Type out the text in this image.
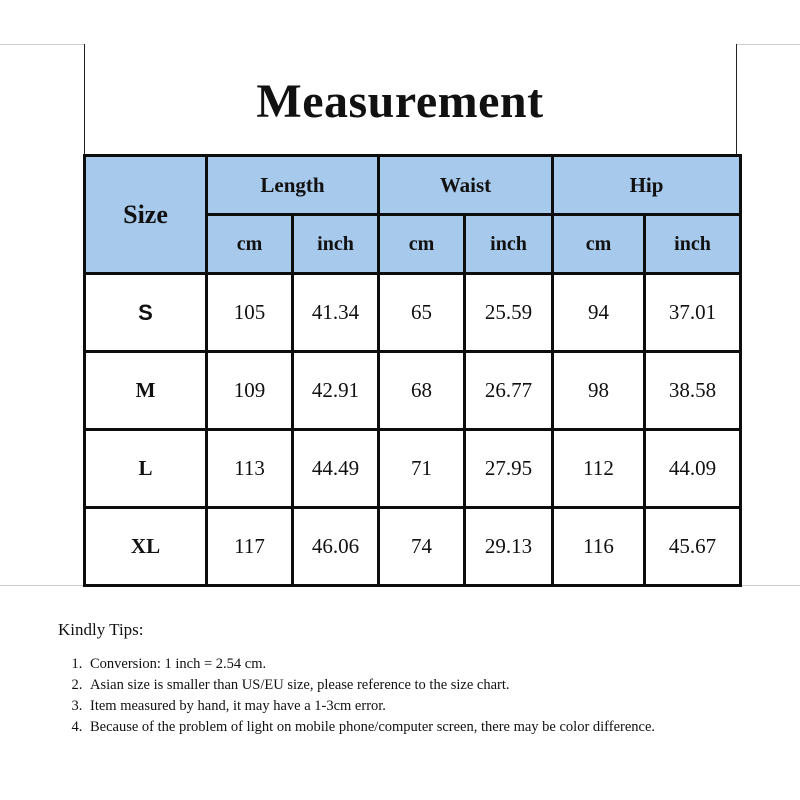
Measurement
Size	Length		Waist		Hip	
	cm	inch	cm	inch	cm	inch
S	105	41.34	65	25.59	94	37.01
M	109	42.91	68	26.77	98	38.58
L	113	44.49	71	27.95	112	44.09
XL	117	46.06	74	29.13	116	45.67
Kindly Tips:
1. Conversion: 1 inch = 2.54 cm.
2. Asian size is smaller than US/EU size, please reference to the size chart.
3. Item measured by hand, it may have a 1-3cm error.
4. Because of the problem of light on mobile phone/computer screen, there may be color difference.
